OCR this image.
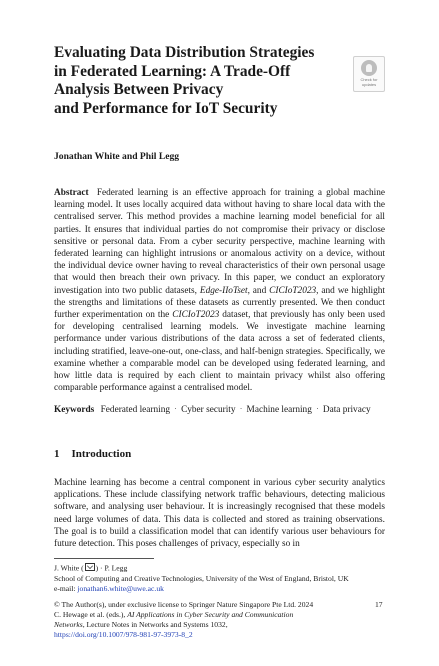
Evaluating Data Distribution Strategies
in Federated Learning: A Trade-Off
Analysis Between Privacy
and Performance for IoT Security
Check for
updates
Jonathan White and Phil Legg

Abstract Federated learning is an effective approach for training a global machine learning model. It uses locally acquired data without having to share local data with the centralised server. This method provides a machine learning model beneficial for all parties. It ensures that individual parties do not compromise their privacy or disclose sensitive or personal data. From a cyber security perspective, machine learning with federated learning can highlight intrusions or anomalous activity on a device, without the individual device owner having to reveal characteristics of their own personal usage that would then breach their own privacy. In this paper, we conduct an exploratory investigation into two public datasets, Edge-IIoTset, and CICIoT2023, and we highlight the strengths and limitations of these datasets as currently presented. We then conduct further experimentation on the CICIoT2023 dataset, that previously has only been used for developing centralised learning models. We investigate machine learning performance under various distributions of the data across a set of federated clients, including stratified, leave-one-out, one-class, and half-benign strategies. Specifically, we examine whether a comparable model can be developed using federated learning, and how little data is required by each client to maintain privacy whilst also offering comparable performance against a centralised model.

Keywords Federated learning · Cyber security · Machine learning · Data privacy
1 Introduction

Machine learning has become a central component in various cyber security analytics applications. These include classifying network traffic behaviours, detecting malicious software, and analysing user behaviour. It is increasingly recognised that these models need large volumes of data. This data is collected and stored as training observations. The goal is to build a classification model that can identify various user behaviours for future detection. This poses challenges of privacy, especially so in

J. White ( ) · P. Legg
School of Computing and Creative Technologies, University of the West of England, Bristol, UK
e-mail: jonathan6.white@uwe.ac.uk
© The Author(s), under exclusive license to Springer Nature Singapore Pte Ltd. 2024
C. Hewage et al. (eds.), AI Applications in Cyber Security and Communication
Networks, Lecture Notes in Networks and Systems 1032,
https://doi.org/10.1007/978-981-97-3973-8_2
17
